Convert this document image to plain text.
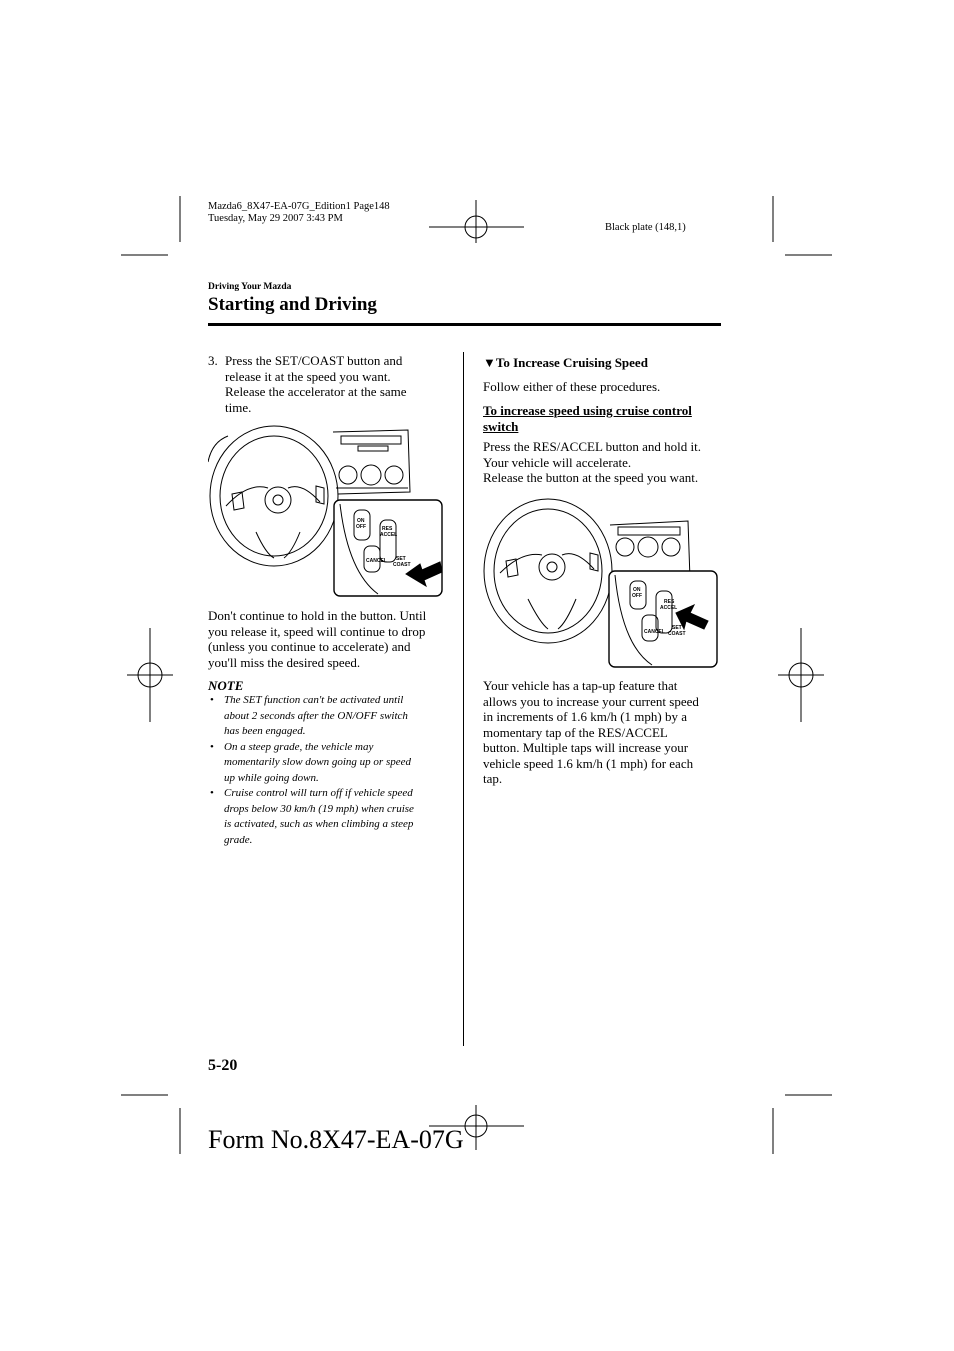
Mazda6_8X47-EA-07G_Edition1 Page148
Tuesday, May 29 2007 3:43 PM
Black plate (148,1)
Driving Your Mazda
Starting and Driving
3. Press the SET/COAST button and
release it at the speed you want.
Release the accelerator at the same
time.
ON
OFF	RES
ACCEL
SET
COAST
CANCEL
Don't continue to hold in the button. Until
you release it, speed will continue to drop
(unless you continue to accelerate) and
you'll miss the desired speed.
NOTE
• The SET function can't be activated until
about 2 seconds after the ON/OFF switch
has been engaged.
• On a steep grade, the vehicle may
momentarily slow down going up or speed
up while going down.
• Cruise control will turn off if vehicle speed
drops below 30 km/h (19 mph) when cruise
is activated, such as when climbing a steep
grade.
▼To Increase Cruising Speed
Follow either of these procedures.
To increase speed using cruise control
switch
Press the RES/ACCEL button and hold it.
Your vehicle will accelerate.
Release the button at the speed you want.
ON
OFF
RES
ACCEL
SET
COAST
CANCEL
Your vehicle has a tap-up feature that
allows you to increase your current speed
in increments of 1.6 km/h (1 mph) by a
momentary tap of the RES/ACCEL
button. Multiple taps will increase your
vehicle speed 1.6 km/h (1 mph) for each
tap.
5-20
Form No.8X47-EA-07G
